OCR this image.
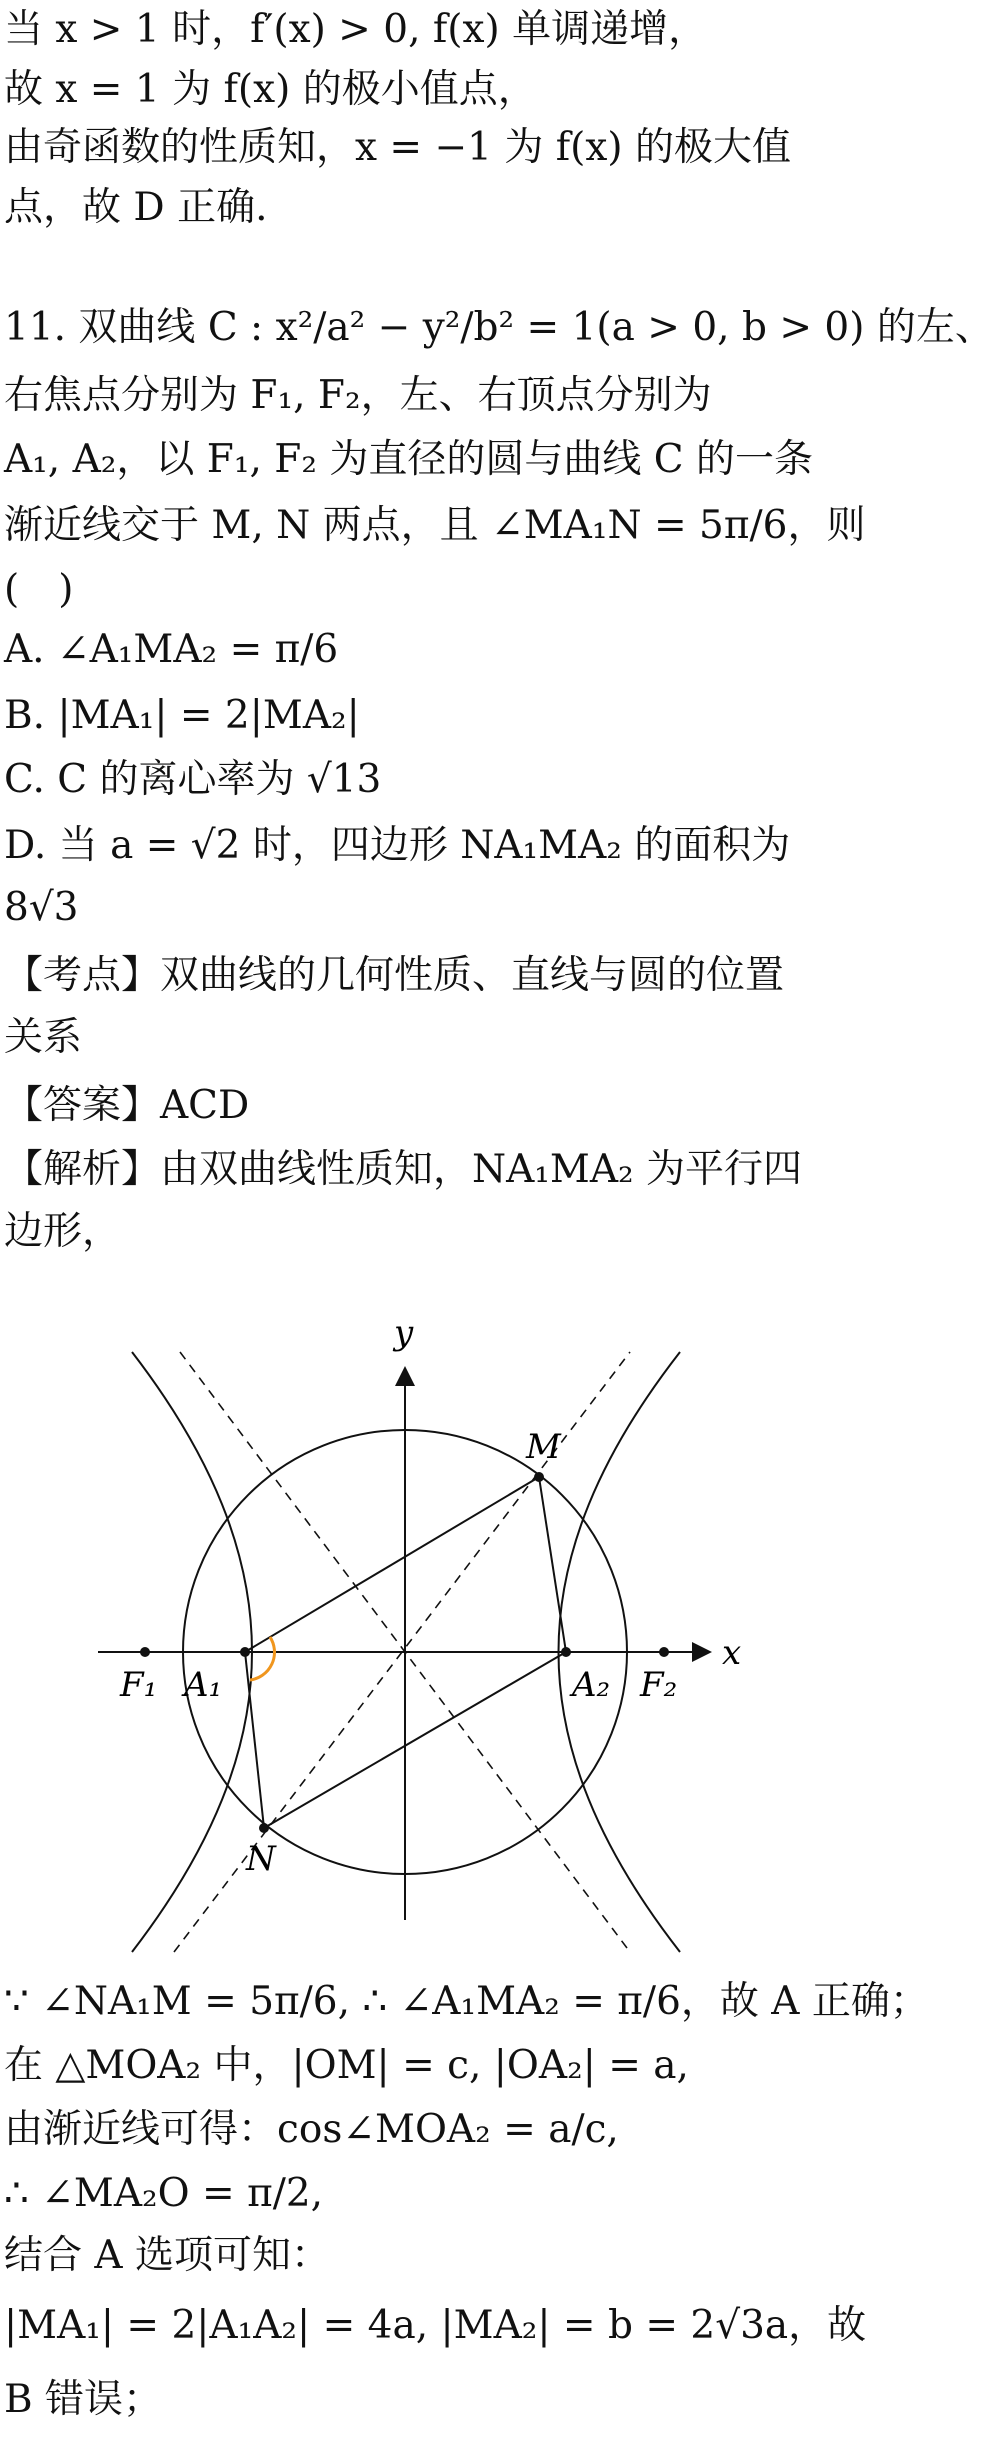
当 x > 1 时，f′(x) > 0, f(x) 单调递增，
故 x = 1 为 f(x) 的极小值点，
由奇函数的性质知，x = −1 为 f(x) 的极大值
点，故 D 正确.
11. 双曲线 C : x²/a² − y²/b² = 1(a > 0, b > 0) 的左、
右焦点分别为 F₁, F₂，左、右顶点分别为
A₁, A₂，以 F₁, F₂ 为直径的圆与曲线 C 的一条
渐近线交于 M, N 两点，且 ∠MA₁N = 5π/6，则
(　)
A. ∠A₁MA₂ = π/6
B. |MA₁| = 2|MA₂|
C. C 的离心率为 √13
D. 当 a = √2 时，四边形 NA₁MA₂ 的面积为
8√3
【考点】双曲线的几何性质、直线与圆的位置
关系
【答案】ACD
【解析】由双曲线性质知，NA₁MA₂ 为平行四
边形，
y
x
M
N
F₁ A₁	A₂ F₂
∵ ∠NA₁M = 5π/6, ∴ ∠A₁MA₂ = π/6，故 A 正确；
在 △MOA₂ 中，|OM| = c, |OA₂| = a,
由渐近线可得：cos∠MOA₂ = a/c,
∴ ∠MA₂O = π/2,
结合 A 选项可知：
|MA₁| = 2|A₁A₂| = 4a, |MA₂| = b = 2√3a，故
B 错误；
